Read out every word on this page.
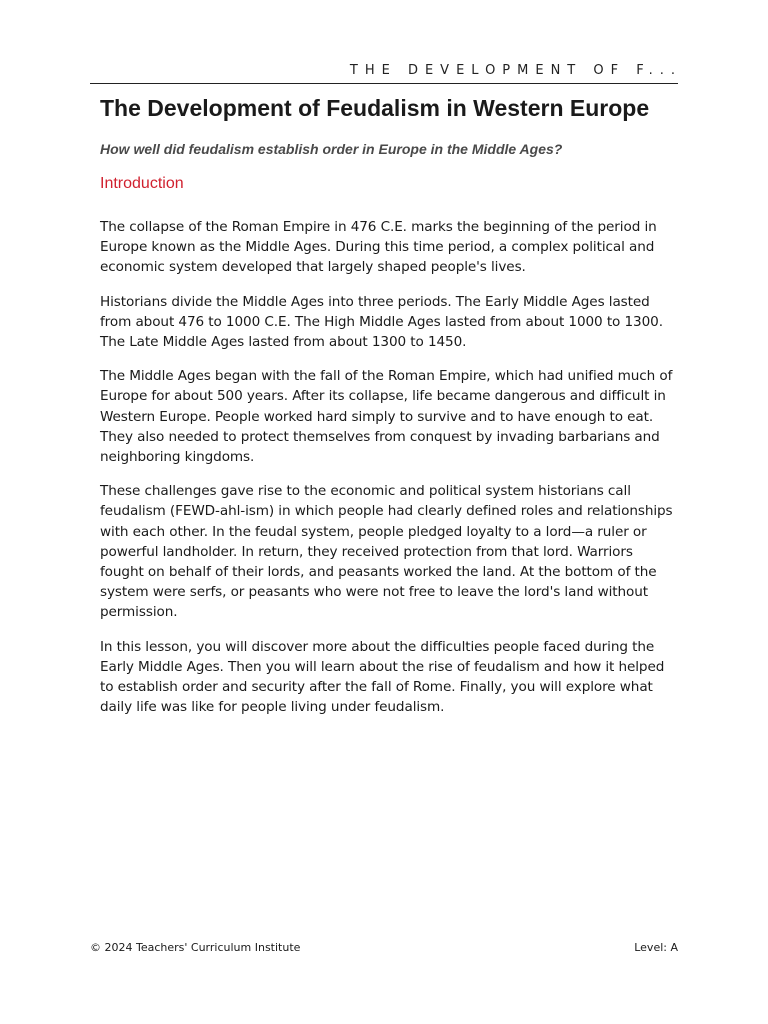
THE DEVELOPMENT OF F...
The Development of Feudalism in Western Europe

How well did feudalism establish order in Europe in the Middle Ages?

Introduction

The collapse of the Roman Empire in 476 C.E. marks the beginning of the period in Europe known as the Middle Ages. During this time period, a complex political and economic system developed that largely shaped people's lives.

Historians divide the Middle Ages into three periods. The Early Middle Ages lasted from about 476 to 1000 C.E. The High Middle Ages lasted from about 1000 to 1300. The Late Middle Ages lasted from about 1300 to 1450.

The Middle Ages began with the fall of the Roman Empire, which had unified much of Europe for about 500 years. After its collapse, life became dangerous and difficult in Western Europe. People worked hard simply to survive and to have enough to eat. They also needed to protect themselves from conquest by invading barbarians and neighboring kingdoms.

These challenges gave rise to the economic and political system historians call feudalism (FEWD-ahl-ism) in which people had clearly defined roles and relationships with each other. In the feudal system, people pledged loyalty to a lord—a ruler or powerful landholder. In return, they received protection from that lord. Warriors fought on behalf of their lords, and peasants worked the land. At the bottom of the system were serfs, or peasants who were not free to leave the lord's land without permission.

In this lesson, you will discover more about the difficulties people faced during the Early Middle Ages. Then you will learn about the rise of feudalism and how it helped to establish order and security after the fall of Rome. Finally, you will explore what daily life was like for people living under feudalism.

© 2024 Teachers' Curriculum Institute	Level: A
